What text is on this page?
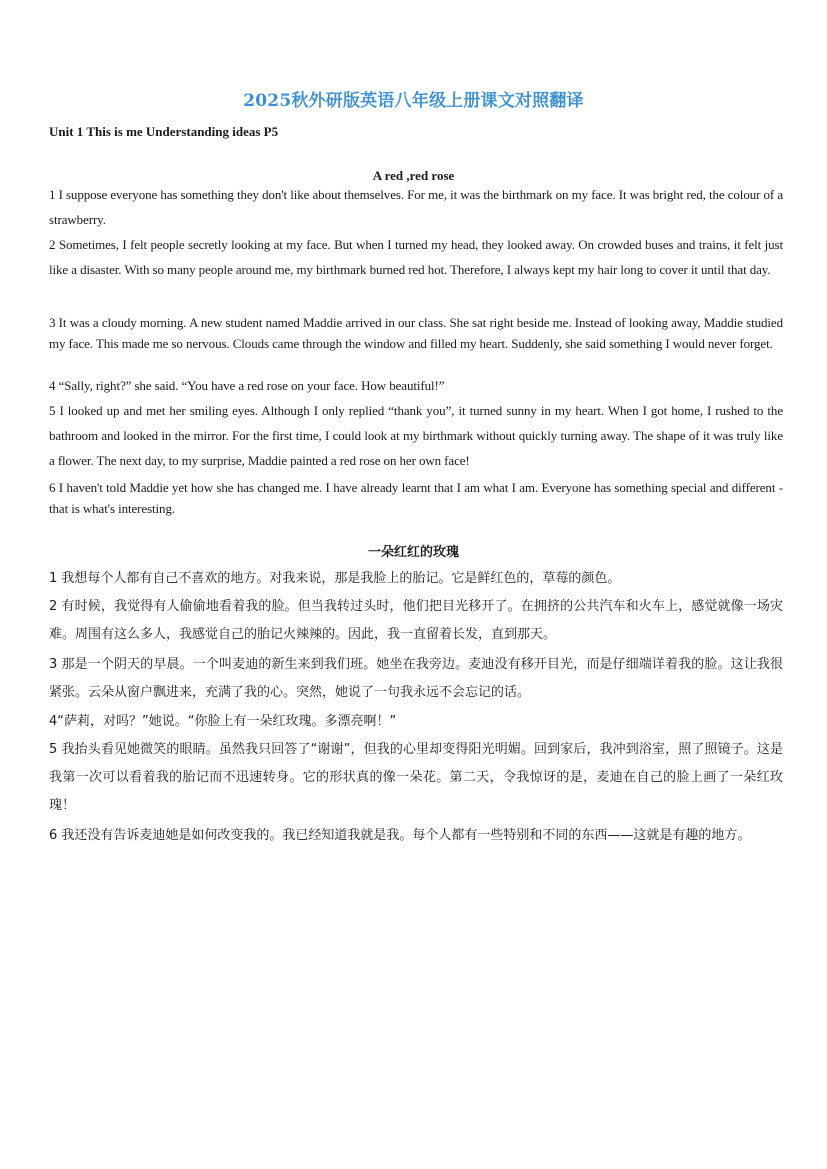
2025秋外研版英语八年级上册课文对照翻译
Unit 1 This is me Understanding ideas P5
A red ,red rose

1 I suppose everyone has something they don't like about themselves. For me, it was the birthmark on my face. It was bright red, the colour of a strawberry.

2 Sometimes, I felt people secretly looking at my face. But when I turned my head, they looked away. On crowded buses and trains, it felt just like a disaster. With so many people around me, my birthmark burned red hot. Therefore, I always kept my hair long to cover it until that day.

3 It was a cloudy morning. A new student named Maddie arrived in our class. She sat right beside me. Instead of looking away, Maddie studied my face. This made me so nervous. Clouds came through the window and filled my heart. Suddenly, she said something I would never forget.

4 “Sally, right?” she said. “You have a red rose on your face. How beautiful!”

5 I looked up and met her smiling eyes. Although I only replied “thank you”, it turned sunny in my heart. When I got home, I rushed to the bathroom and looked in the mirror. For the first time, I could look at my birthmark without quickly turning away. The shape of it was truly like a flower. The next day, to my surprise, Maddie painted a red rose on her own face!

6 I haven't told Maddie yet how she has changed me. I have already learnt that I am what I am. Everyone has something special and different - that is what's interesting.

一朵红红的玫瑰

1 我想每个人都有自己不喜欢的地方。对我来说，那是我脸上的胎记。它是鲜红色的，草莓的颜色。

2 有时候，我觉得有人偷偷地看着我的脸。但当我转过头时，他们把目光移开了。在拥挤的公共汽车和火车上，感觉就像一场灾难。周围有这么多人，我感觉自己的胎记火辣辣的。因此，我一直留着长发，直到那天。

3 那是一个阴天的早晨。一个叫麦迪的新生来到我们班。她坐在我旁边。麦迪没有移开目光，而是仔细端详着我的脸。这让我很紧张。云朵从窗户飘进来，充满了我的心。突然，她说了一句我永远不会忘记的话。

4“萨莉，对吗？”她说。“你脸上有一朵红玫瑰。多漂亮啊！”

5 我抬头看见她微笑的眼睛。虽然我只回答了“谢谢”，但我的心里却变得阳光明媚。回到家后，我冲到浴室，照了照镜子。这是我第一次可以看着我的胎记而不迅速转身。它的形状真的像一朵花。第二天，令我惊讶的是，麦迪在自己的脸上画了一朵红玫瑰！

6 我还没有告诉麦迪她是如何改变我的。我已经知道我就是我。每个人都有一些特别和不同的东西——这就是有趣的地方。
